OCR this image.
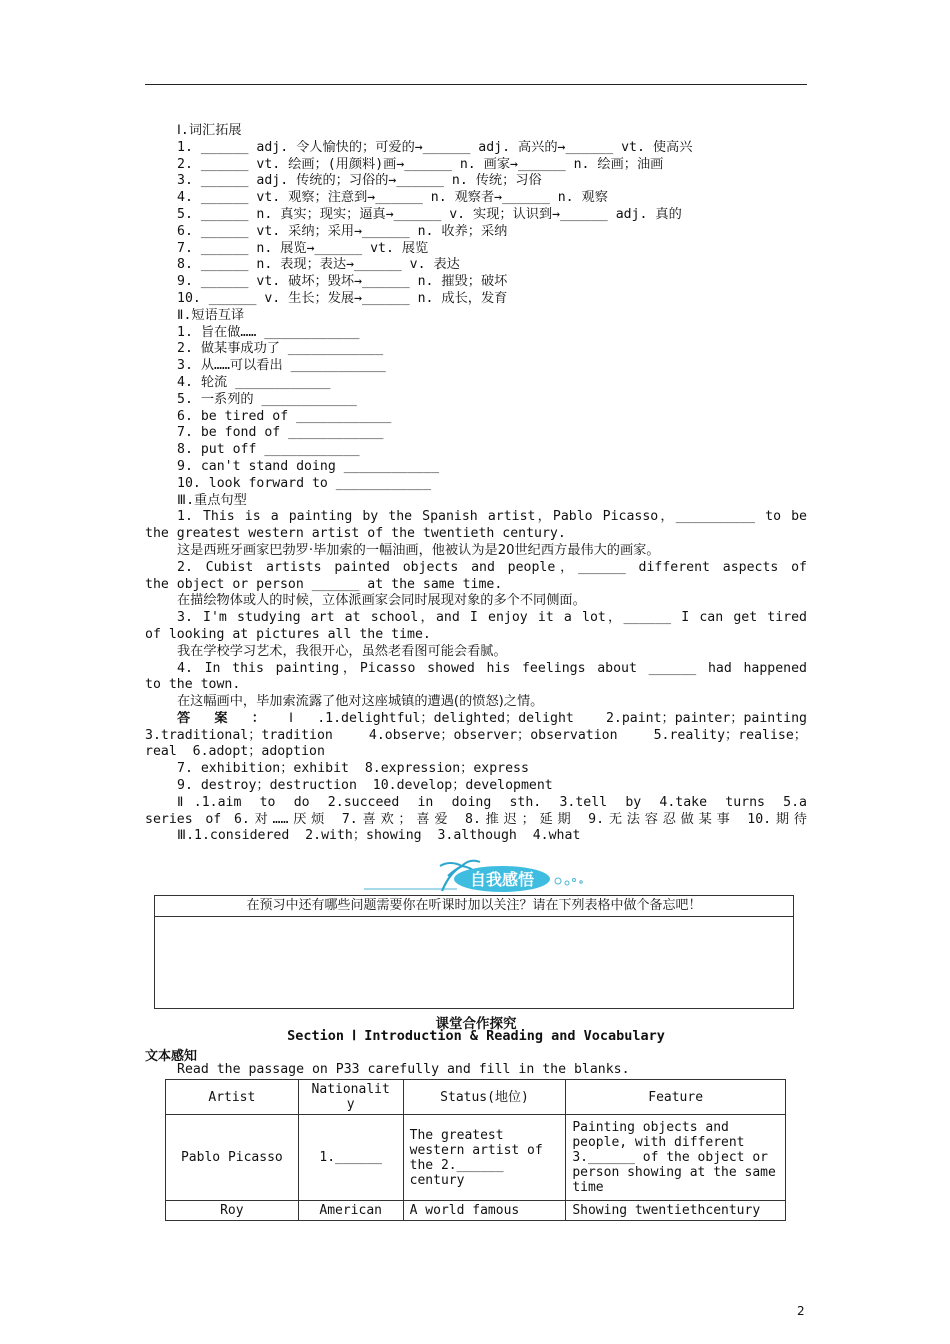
Ⅰ.词汇拓展
1. ______ adj. 令人愉快的；可爱的→______ adj. 高兴的→______ vt. 使高兴
2. ______ vt. 绘画；(用颜料)画→______ n. 画家→______ n. 绘画；油画
3. ______ adj. 传统的；习俗的→______ n. 传统；习俗
4. ______ vt. 观察；注意到→______ n. 观察者→______ n. 观察
5. ______ n. 真实；现实；逼真→______ v. 实现；认识到→______ adj. 真的
6. ______ vt. 采纳；采用→______ n. 收养；采纳
7. ______ n. 展览→______ vt. 展览
8. ______ n. 表现；表达→______ v. 表达
9. ______ vt. 破坏；毁坏→______ n. 摧毁；破坏
10. ______ v. 生长；发展→______ n. 成长，发育
Ⅱ.短语互译
1. 旨在做…… ____________
2. 做某事成功了 ____________
3. 从……可以看出 ____________
4. 轮流 ____________
5. 一系列的 ____________
6. be tired of ____________
7. be fond of ____________
8. put off ____________
9. can't stand doing ____________
10. look forward to ____________
Ⅲ.重点句型
1. This is a painting by the Spanish artist，Pablo Picasso，__________ to be
the greatest western artist of the twentieth century.
这是西班牙画家巴勃罗·毕加索的一幅油画，他被认为是20世纪西方最伟大的画家。
2. Cubist artists painted objects and people，______ different aspects of
the object or person ______ at the same time.
在描绘物体或人的时候，立体派画家会同时展现对象的多个不同侧面。
3. I'm studying art at school，and I enjoy it a lot，______ I can get tired
of looking at pictures all the time.
我在学校学习艺术，我很开心，虽然老看图可能会看腻。
4. In this painting，Picasso showed his feelings about ______ had happened
to the town.
在这幅画中，毕加索流露了他对这座城镇的遭遇(的愤怒)之情。
答案：Ⅰ.1.delightful；delighted；delight 2.paint；painter；painting
3.traditional；tradition 4.observe；observer；observation 5.reality；realise；
real  6.adopt；adoption
7. exhibition；exhibit  8.expression；express
9. destroy；destruction  10.develop；development
Ⅱ.1.aim to do 2.succeed in doing sth. 3.tell by 4.take turns 5.a
series of 6.对……厌烦 7.喜欢；喜爱 8.推迟；延期 9.无法容忍做某事 10.期待
Ⅲ.1.considered  2.with；showing  3.although  4.what
自我感悟
在预习中还有哪些问题需要你在听课时加以关注？请在下列表格中做个备忘吧！
课堂合作探究
Section Ⅰ Introduction & Reading and Vocabulary
文本感知
Read the passage on P33 carefully and fill in the blanks.
Artist	Nationalit y	Status(地位)	Feature
Pablo Picasso	1.______	The greatest western artist of the 2.______ century	Painting objects and people, with different 3.______ of the object or person showing at the same time
Roy	American	A world famous	Showing twentiethcentury
2
